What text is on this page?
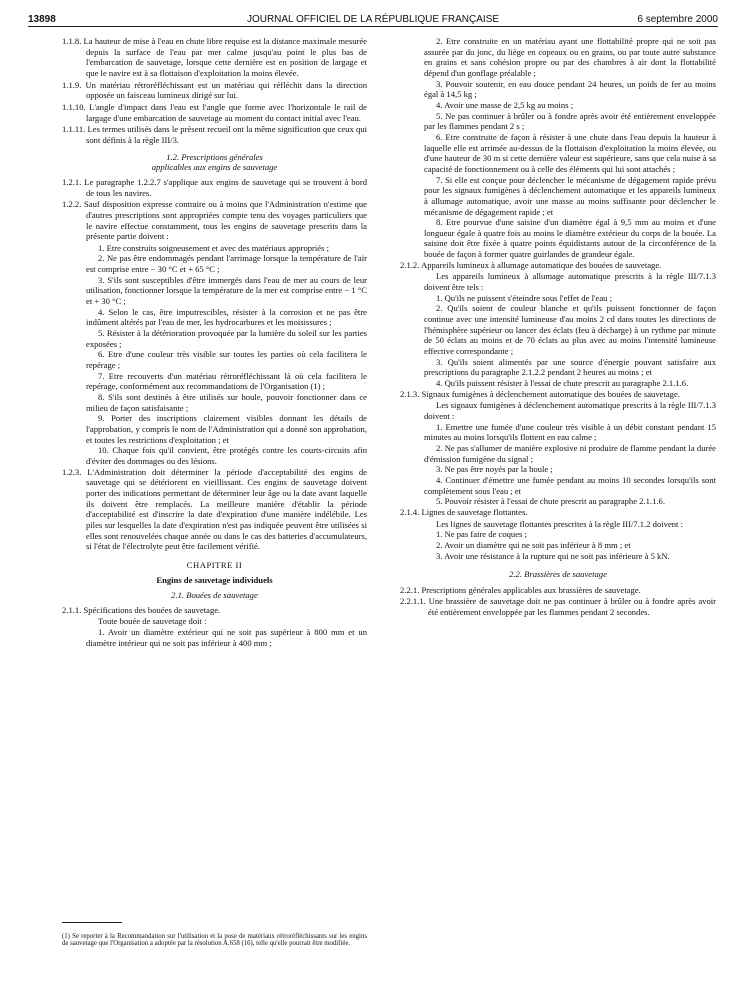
13898	JOURNAL OFFICIEL DE LA RÉPUBLIQUE FRANÇAISE	6 septembre 2000

1.1.8. La hauteur de mise à l'eau en chute libre requise est la distance maximale mesurée depuis la surface de l'eau par mer calme jusqu'au point le plus bas de l'embarcation de sauvetage, lorsque cette dernière est en position de largage et que le navire est à sa flottaison d'exploitation la moins élevée.

1.1.9. Un matériau rétroréfléchissant est un matériau qui réfléchit dans la direction opposée un faisceau lumineux dirigé sur lui.

1.1.10. L'angle d'impact dans l'eau est l'angle que forme avec l'horizontale le rail de largage d'une embarcation de sauvetage au moment du contact initial avec l'eau.

1.1.11. Les termes utilisés dans le présent recueil ont la même signification que ceux qui sont définis à la règle III/3.

1.2. Prescriptions générales
applicables aux engins de sauvetage

1.2.1. Le paragraphe 1.2.2.7 s'applique aux engins de sauvetage qui se trouvent à bord de tous les navires.

1.2.2. Sauf disposition expresse contraire ou à moins que l'Administration n'estime que d'autres prescriptions sont appropriées compte tenu des voyages particuliers que le navire effectue constamment, tous les engins de sauvetage prescrits dans la présente partie doivent :

1. Etre construits soigneusement et avec des matériaux appropriés ;

2. Ne pas être endommagés pendant l'arrimage lorsque la température de l'air est comprise entre − 30 °C et + 65 °C ;

3. S'ils sont susceptibles d'être immergés dans l'eau de mer au cours de leur utilisation, fonctionner lorsque la température de la mer est comprise entre − 1 °C et + 30 °C ;

4. Selon le cas, être imputrescibles, résister à la corrosion et ne pas être indûment altérés par l'eau de mer, les hydrocarbures et les moisissures ;

5. Résister à la détérioration provoquée par la lumière du soleil sur les parties exposées ;

6. Etre d'une couleur très visible sur toutes les parties où cela facilitera le repérage ;

7. Etre recouverts d'un matériau rétroréfléchissant là où cela facilitera le repérage, conformément aux recommandations de l'Organisation (1) ;

8. S'ils sont destinés à être utilisés sur houle, pouvoir fonctionner dans ce milieu de façon satisfaisante ;

9. Porter des inscriptions clairement visibles donnant les détails de l'approbation, y compris le nom de l'Administration qui a donné son approbation, et toutes les restrictions d'exploitation ; et

10. Chaque fois qu'il convient, être protégés contre les courts-circuits afin d'éviter des dommages ou des lésions.

1.2.3. L'Administration doit déterminer la période d'acceptabilité des engins de sauvetage qui se détériorent en vieillissant. Ces engins de sauvetage doivent porter des indications permettant de déterminer leur âge ou la date avant laquelle ils doivent être remplacés. La meilleure manière d'établir la période d'acceptabilité est d'inscrire la date d'expiration d'une manière indélébile. Les piles sur lesquelles la date d'expiration n'est pas indiquée peuvent être utilisées si elles sont renouvelées chaque année ou dans le cas des batteries d'accumulateurs, si l'état de l'électrolyte peut être facilement vérifié.

CHAPITRE II

Engins de sauvetage individuels

2.1. Bouées de sauvetage

2.1.1. Spécifications des bouées de sauvetage.

Toute bouée de sauvetage doit :

1. Avoir un diamètre extérieur qui ne soit pas supérieur à 800 mm et un diamètre intérieur qui ne soit pas inférieur à 400 mm ;

(1) Se reporter à la Recommandation sur l'utilisation et la pose de matériaux rétroréfléchissants sur les engins de sauvetage que l'Organisation a adoptée par la résolution A.658 (16), telle qu'elle pourrait être modifiée.

2. Etre construite en un matériau ayant une flottabilité propre qui ne soit pas assurée par du jonc, du liège en copeaux ou en grains, ou par toute autre substance en grains et sans cohésion propre ou par des chambres à air dont la flottabilité dépend d'un gonflage préalable ;

3. Pouvoir soutenir, en eau douce pendant 24 heures, un poids de fer au moins égal à 14,5 kg ;

4. Avoir une masse de 2,5 kg au moins ;

5. Ne pas continuer à brûler ou à fondre après avoir été entièrement enveloppée par les flammes pendant 2 s ;

6. Etre construite de façon à résister à une chute dans l'eau depuis la hauteur à laquelle elle est arrimée au-dessus de la flottaison d'exploitation la moins élevée, ou d'une hauteur de 30 m si cette dernière valeur est supérieure, sans que cela nuise à sa capacité de fonctionnement ou à celle des éléments qui lui sont attachés ;

7. Si elle est conçue pour déclencher le mécanisme de dégagement rapide prévu pour les signaux fumigènes à déclenchement automatique et les appareils lumineux à allumage automatique, avoir une masse au moins suffisante pour déclencher le mécanisme de dégagement rapide ; et

8. Etre pourvue d'une saisine d'un diamètre égal à 9,5 mm au moins et d'une longueur égale à quatre fois au moins le diamètre extérieur du corps de la bouée. La saisine doit être fixée à quatre points équidistants autour de la circonférence de la bouée de façon à former quatre guirlandes de grandeur égale.

2.1.2. Appareils lumineux à allumage automatique des bouées de sauvetage.

Les appareils lumineux à allumage automatique prescrits à la règle III/7.1.3 doivent être tels :

1. Qu'ils ne puissent s'éteindre sous l'effet de l'eau ;

2. Qu'ils soient de couleur blanche et qu'ils puissent fonctionner de façon continue avec une intensité lumineuse d'au moins 2 cd dans toutes les directions de l'hémisphère supérieur ou lancer des éclats (feu à décharge) à un rythme par minute de 50 éclats au moins et de 70 éclats au plus avec au moins l'intensité lumineuse effective correspondante ;

3. Qu'ils soient alimentés par une source d'énergie pouvant satisfaire aux prescriptions du paragraphe 2.1.2.2 pendant 2 heures au moins ; et

4. Qu'ils puissent résister à l'essai de chute prescrit au paragraphe 2.1.1.6.

2.1.3. Signaux fumigènes à déclenchement automatique des bouées de sauvetage.

Les signaux fumigènes à déclenchement automatique prescrits à la règle III/7.1.3 doivent :

1. Emettre une fumée d'une couleur très visible à un débit constant pendant 15 minutes au moins lorsqu'ils flottent en eau calme ;

2. Ne pas s'allumer de manière explosive ni produire de flamme pendant la durée d'émission fumigène du signal ;

3. Ne pas être noyés par la houle ;

4. Continuer d'émettre une fumée pendant au moins 10 secondes lorsqu'ils sont complètement sous l'eau ; et

5. Pouvoir résister à l'essai de chute prescrit au paragraphe 2.1.1.6.

2.1.4. Lignes de sauvetage flottantes.

Les lignes de sauvetage flottantes prescrites à la règle III/7.1.2 doivent :

1. Ne pas faire de coques ;

2. Avoir un diamètre qui ne soit pas inférieur à 8 mm ; et

3. Avoir une résistance à la rupture qui ne soit pas inférieure à 5 kN.

2.2. Brassières de sauvetage

2.2.1. Prescriptions générales applicables aux brassières de sauvetage.

2.2.1.1. Une brassière de sauvetage doit ne pas continuer à brûler ou à fondre après avoir été entièrement enveloppée par les flammes pendant 2 secondes.
